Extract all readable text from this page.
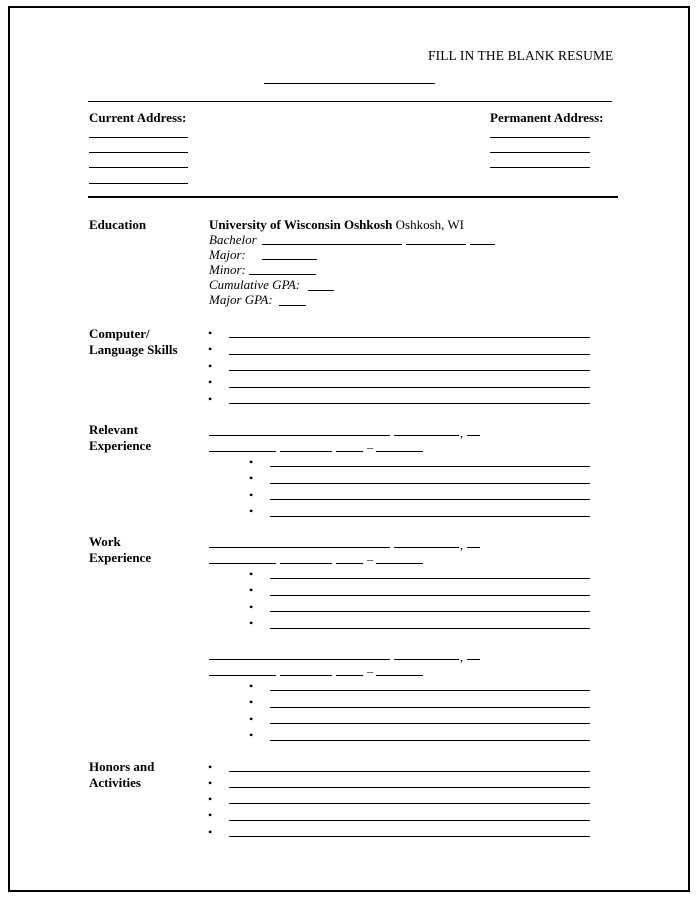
FILL IN THE BLANK RESUME
Current Address:	Permanent Address:
Education	University of Wisconsin Oshkosh Oshkosh, WI
Bachelor
Major:
Minor:
Cumulative GPA:
Major GPA:
Computer/
Language Skills
•
•
•
•
•
Relevant
Experience
,
–
•
•
•
•
Work
Experience
,
–
•
•
•
•
,
–
•
•
•
•
Honors and
Activities
•
•
•
•
•
